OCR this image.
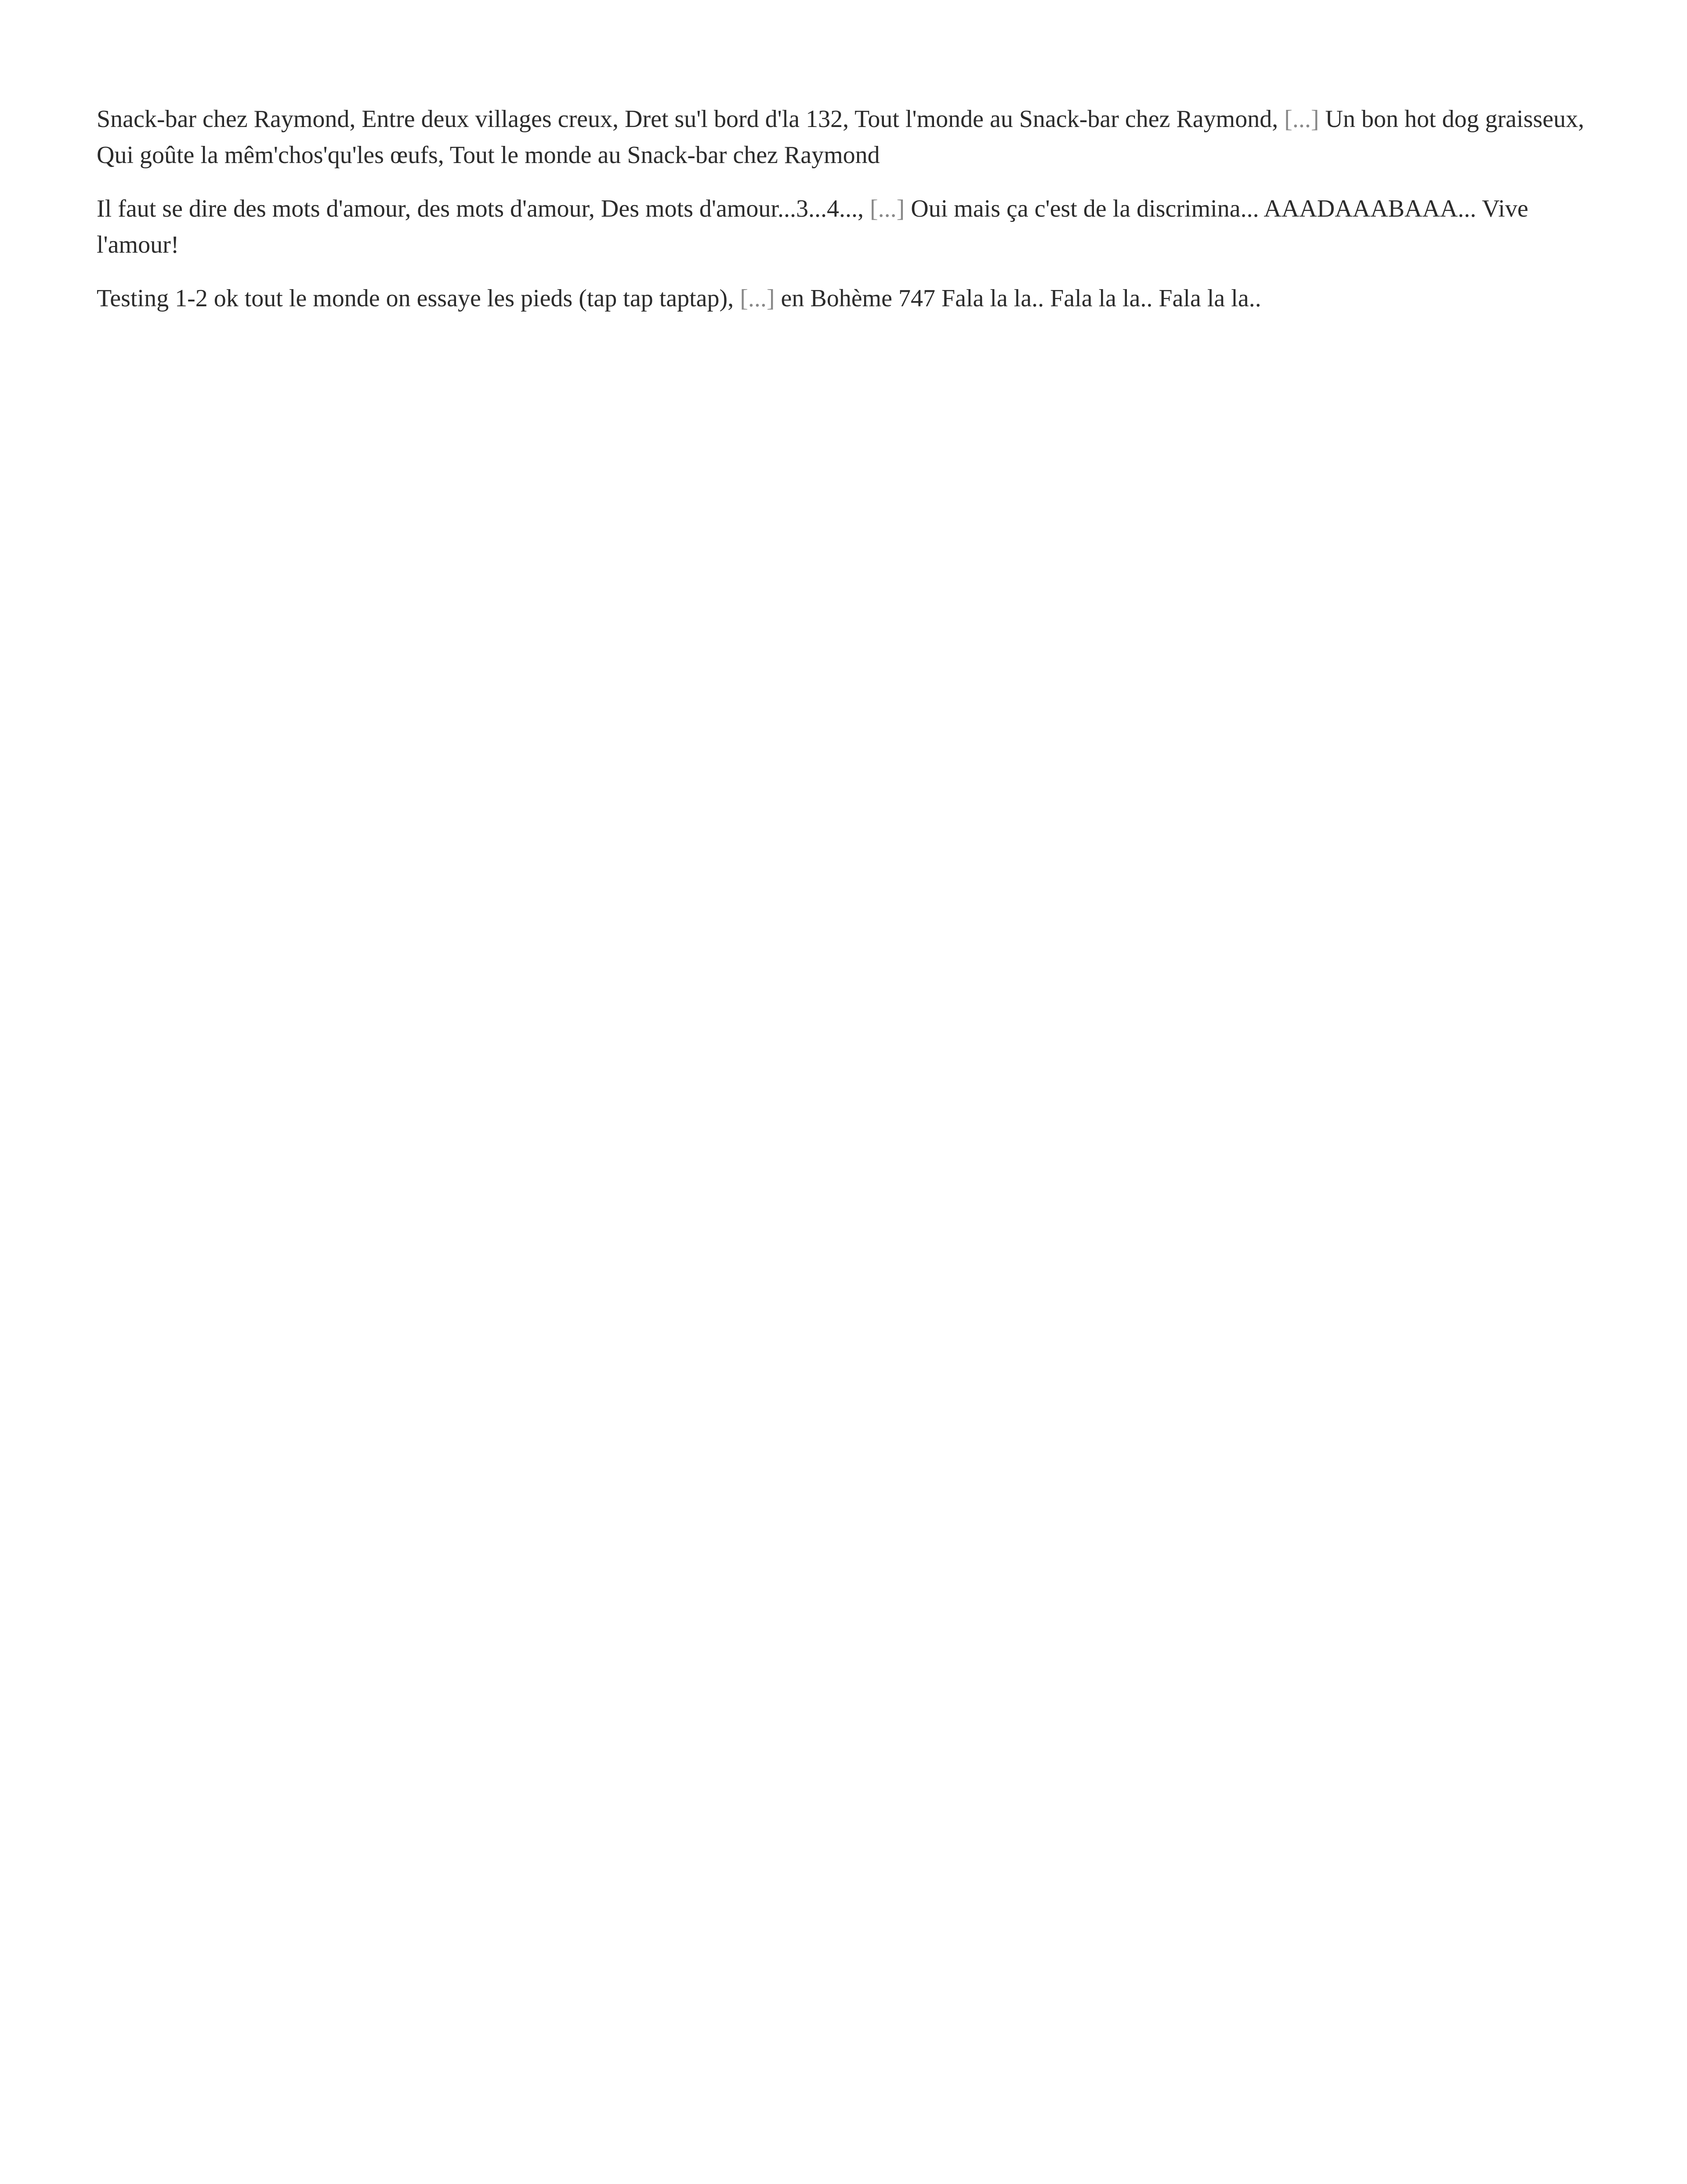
Snack-bar chez Raymond, Entre deux villages creux, Dret su'l bord d'la 132, Tout l'monde au Snack-bar chez Raymond, [...] Un bon hot dog graisseux, Qui goûte la mêm'chos'qu'les œufs, Tout le monde au Snack-bar chez Raymond

Il faut se dire des mots d'amour, des mots d'amour, Des mots d'amour...3...4..., [...] Oui mais ça c'est de la discrimina... AAADAAABAAA... Vive l'amour!

Testing 1-2 ok tout le monde on essaye les pieds (tap tap taptap), [...] en Bohème 747 Fala la la.. Fala la la.. Fala la la..
